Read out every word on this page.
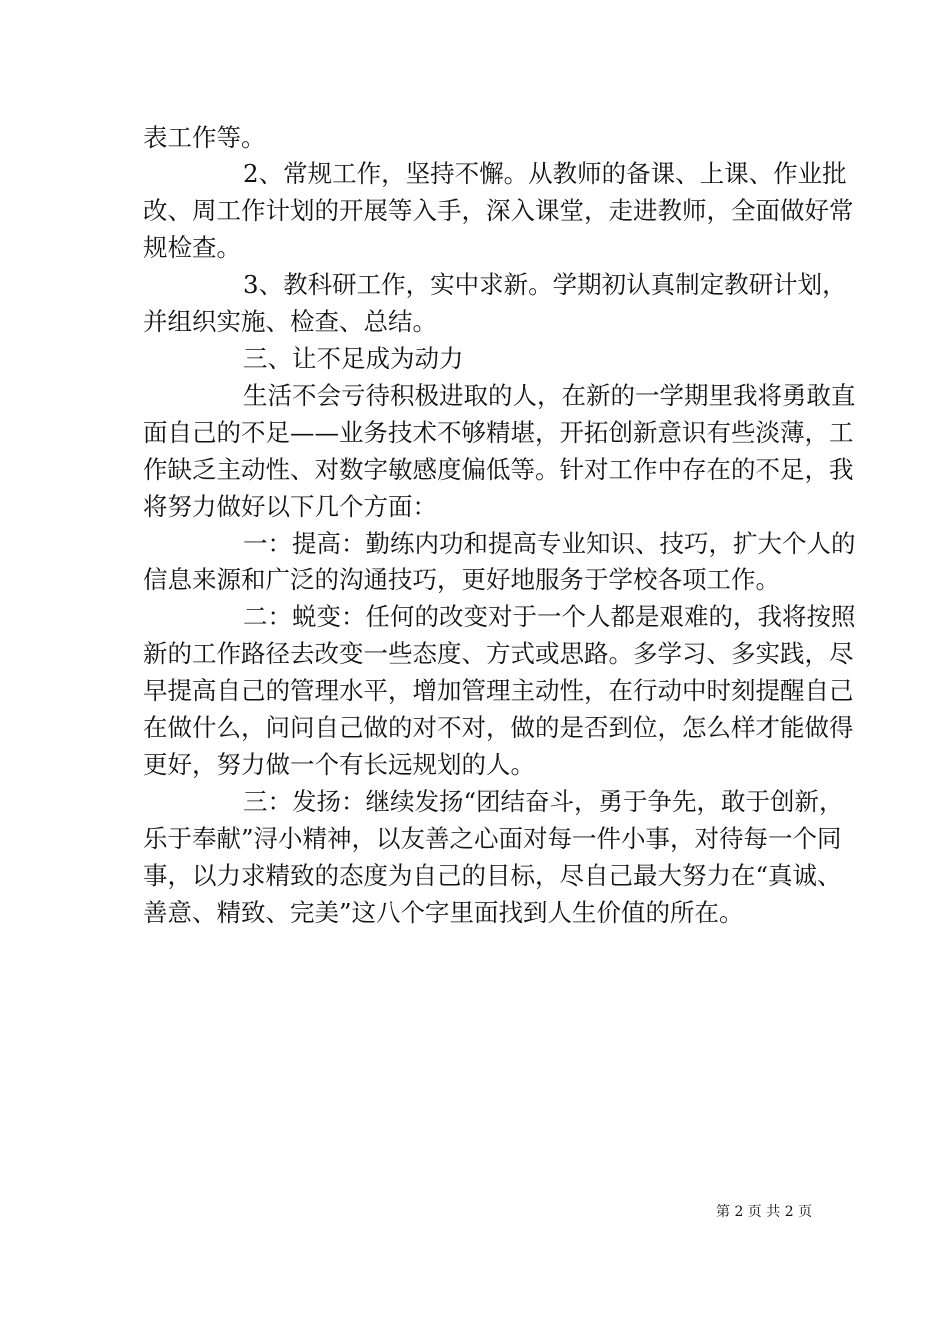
表工作等。
2、常规工作，坚持不懈。从教师的备课、上课、作业批
改、周工作计划的开展等入手，深入课堂，走进教师，全面做好常
规检查。
3、教科研工作，实中求新。学期初认真制定教研计划，
并组织实施、检查、总结。
三、让不足成为动力
生活不会亏待积极进取的人，在新的一学期里我将勇敢直
面自己的不足——业务技术不够精堪，开拓创新意识有些淡薄，工
作缺乏主动性、对数字敏感度偏低等。针对工作中存在的不足，我
将努力做好以下几个方面：
一：提高：勤练内功和提高专业知识、技巧，扩大个人的
信息来源和广泛的沟通技巧，更好地服务于学校各项工作。
二：蜕变：任何的改变对于一个人都是艰难的，我将按照
新的工作路径去改变一些态度、方式或思路。多学习、多实践，尽
早提高自己的管理水平，增加管理主动性，在行动中时刻提醒自己
在做什么，问问自己做的对不对，做的是否到位，怎么样才能做得
更好，努力做一个有长远规划的人。
三：发扬：继续发扬“团结奋斗，勇于争先，敢于创新，
乐于奉献”浔小精神，以友善之心面对每一件小事，对待每一个同
事，以力求精致的态度为自己的目标，尽自己最大努力在“真诚、
善意、精致、完美”这八个字里面找到人生价值的所在。
第 2 页 共 2 页
